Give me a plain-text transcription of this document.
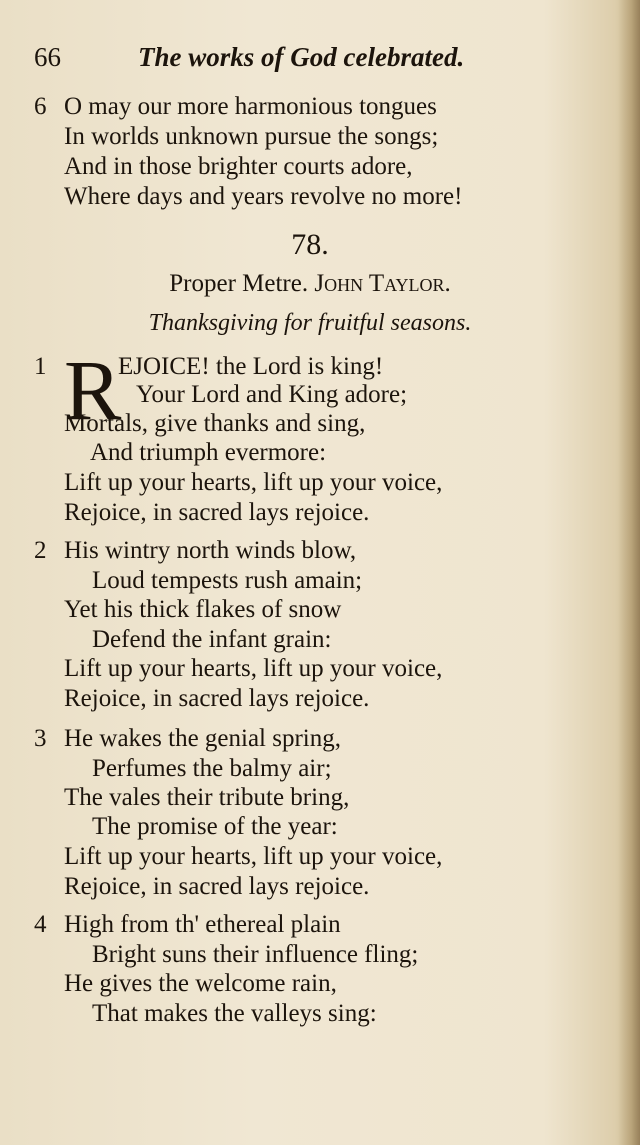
66	The works of God celebrated.
6 O may our more harmonious tongues
In worlds unknown pursue the songs;
And in those brighter courts adore,
Where days and years revolve no more!
78.
Proper Metre. John Taylor.
Thanksgiving for fruitful seasons.
1 R
EJOICE! the Lord is king!
Your Lord and King adore;
Mortals, give thanks and sing,
And triumph evermore:
Lift up your hearts, lift up your voice,
Rejoice, in sacred lays rejoice.
2 His wintry north winds blow,
Loud tempests rush amain;
Yet his thick flakes of snow
Defend the infant grain:
Lift up your hearts, lift up your voice,
Rejoice, in sacred lays rejoice.
3 He wakes the genial spring,
Perfumes the balmy air;
The vales their tribute bring,
The promise of the year:
Lift up your hearts, lift up your voice,
Rejoice, in sacred lays rejoice.
4 High from th' ethereal plain
Bright suns their influence fling;
He gives the welcome rain,
That makes the valleys sing:
